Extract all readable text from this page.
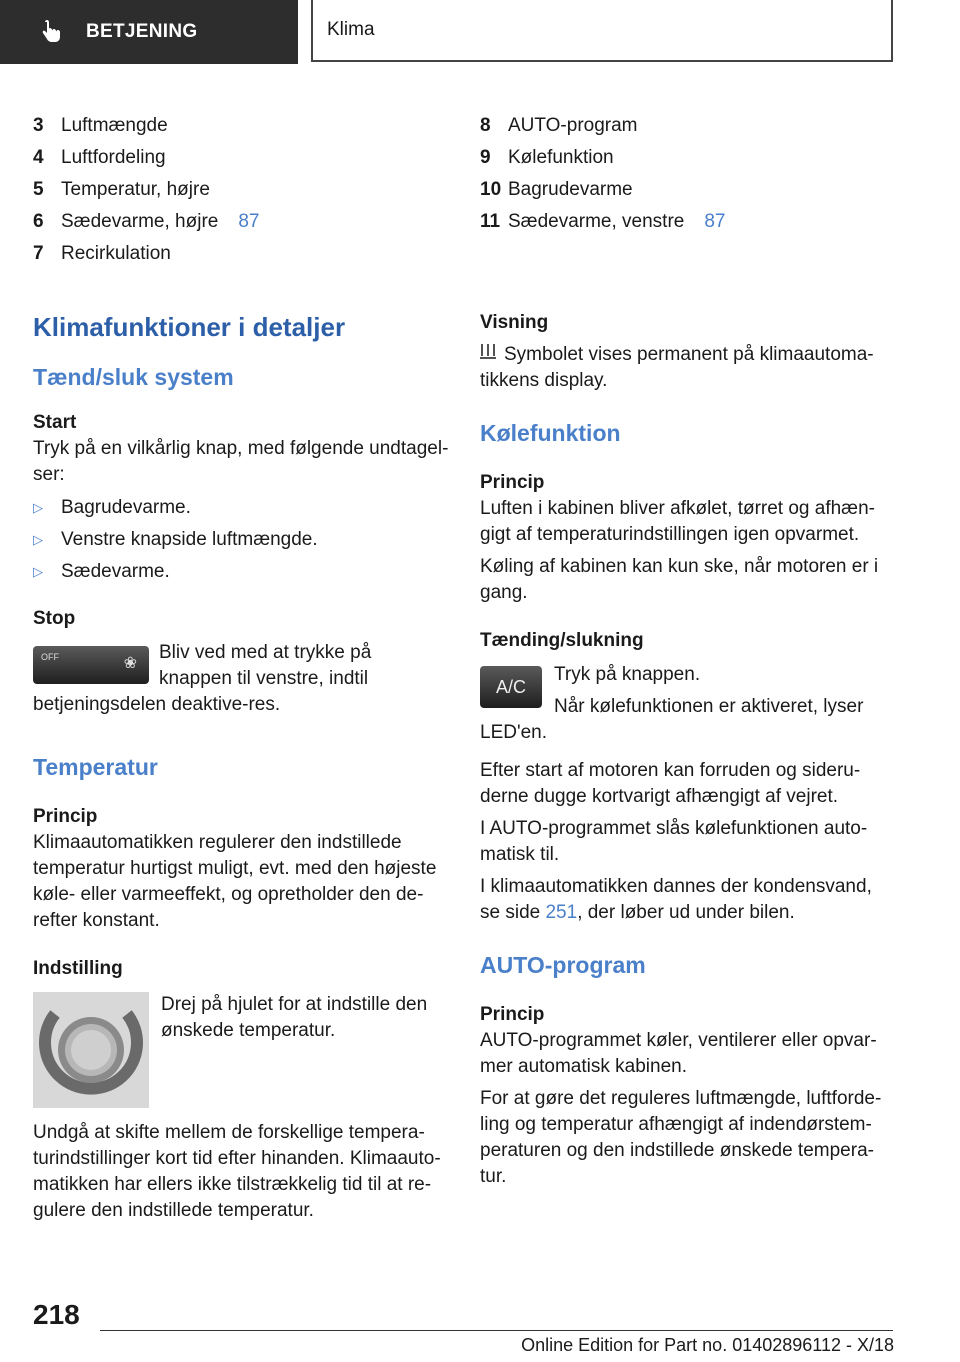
BETJENING	Klima
3 Luftmængde
4 Luftfordeling
5 Temperatur, højre
6 Sædevarme, højre 87
7 Recirkulation
8 AUTO-program
9 Kølefunktion
10 Bagrudevarme
11 Sædevarme, venstre 87
Klimafunktioner i detaljer
Tænd/sluk system
Start

Tryk på en vilkårlig knap, med følgende undtagel-ser:

▷ Bagrudevarme.
▷ Venstre knapside luftmængde.
▷ Sædevarme.
Stop
OFF	❀

Bliv ved med at trykke på knappen til venstre, indtil betjeningsdelen deaktive-res.

Temperatur
Princip

Klimaautomatikken regulerer den indstillede temperatur hurtigst muligt, evt. med den højeste køle- eller varmeeffekt, og opretholder den de-refter konstant.

Indstilling

Drej på hjulet for at indstille den ønskede temperatur.

Undgå at skifte mellem de forskellige tempera-turindstillinger kort tid efter hinanden. Klimaauto-matikken har ellers ikke tilstrækkelig tid til at re-gulere den indstillede temperatur.

Visning

Symbolet vises permanent på klimaautoma-tikkens display.

Kølefunktion
Princip

Luften i kabinen bliver afkølet, tørret og afhæn-gigt af temperaturindstillingen igen opvarmet.

Køling af kabinen kan kun ske, når motoren er i gang.

Tænding/slukning
A/C

Tryk på knappen.

Når kølefunktionen er aktiveret, lyser LED'en.

Efter start af motoren kan forruden og sideru-derne dugge kortvarigt afhængigt af vejret.

I AUTO-programmet slås kølefunktionen auto-matisk til.

I klimaautomatikken dannes der kondensvand, se side 251, der løber ud under bilen.

AUTO-program
Princip

AUTO-programmet køler, ventilerer eller opvar-mer automatisk kabinen.

For at gøre det reguleres luftmængde, luftforde-ling og temperatur afhængigt af indendørstem-peraturen og den indstillede ønskede tempera-tur.

218
Online Edition for Part no. 01402896112 - X/18
